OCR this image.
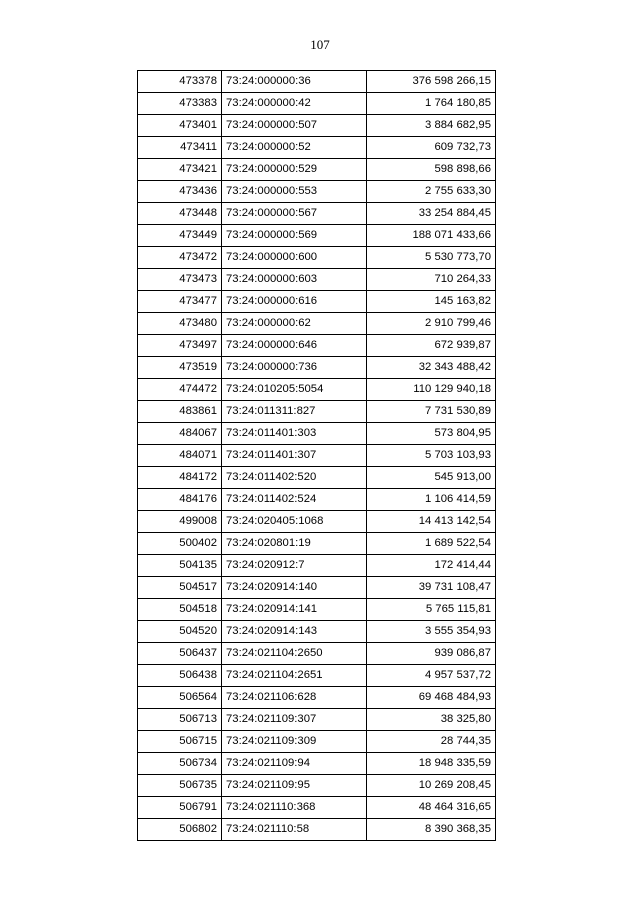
107
473378	73:24:000000:36	376 598 266,15
473383	73:24:000000:42	1 764 180,85
473401	73:24:000000:507	3 884 682,95
473411	73:24:000000:52	609 732,73
473421	73:24:000000:529	598 898,66
473436	73:24:000000:553	2 755 633,30
473448	73:24:000000:567	33 254 884,45
473449	73:24:000000:569	188 071 433,66
473472	73:24:000000:600	5 530 773,70
473473	73:24:000000:603	710 264,33
473477	73:24:000000:616	145 163,82
473480	73:24:000000:62	2 910 799,46
473497	73:24:000000:646	672 939,87
473519	73:24:000000:736	32 343 488,42
474472	73:24:010205:5054	110 129 940,18
483861	73:24:011311:827	7 731 530,89
484067	73:24:011401:303	573 804,95
484071	73:24:011401:307	5 703 103,93
484172	73:24:011402:520	545 913,00
484176	73:24:011402:524	1 106 414,59
499008	73:24:020405:1068	14 413 142,54
500402	73:24:020801:19	1 689 522,54
504135	73:24:020912:7	172 414,44
504517	73:24:020914:140	39 731 108,47
504518	73:24:020914:141	5 765 115,81
504520	73:24:020914:143	3 555 354,93
506437	73:24:021104:2650	939 086,87
506438	73:24:021104:2651	4 957 537,72
506564	73:24:021106:628	69 468 484,93
506713	73:24:021109:307	38 325,80
506715	73:24:021109:309	28 744,35
506734	73:24:021109:94	18 948 335,59
506735	73:24:021109:95	10 269 208,45
506791	73:24:021110:368	48 464 316,65
506802	73:24:021110:58	8 390 368,35
